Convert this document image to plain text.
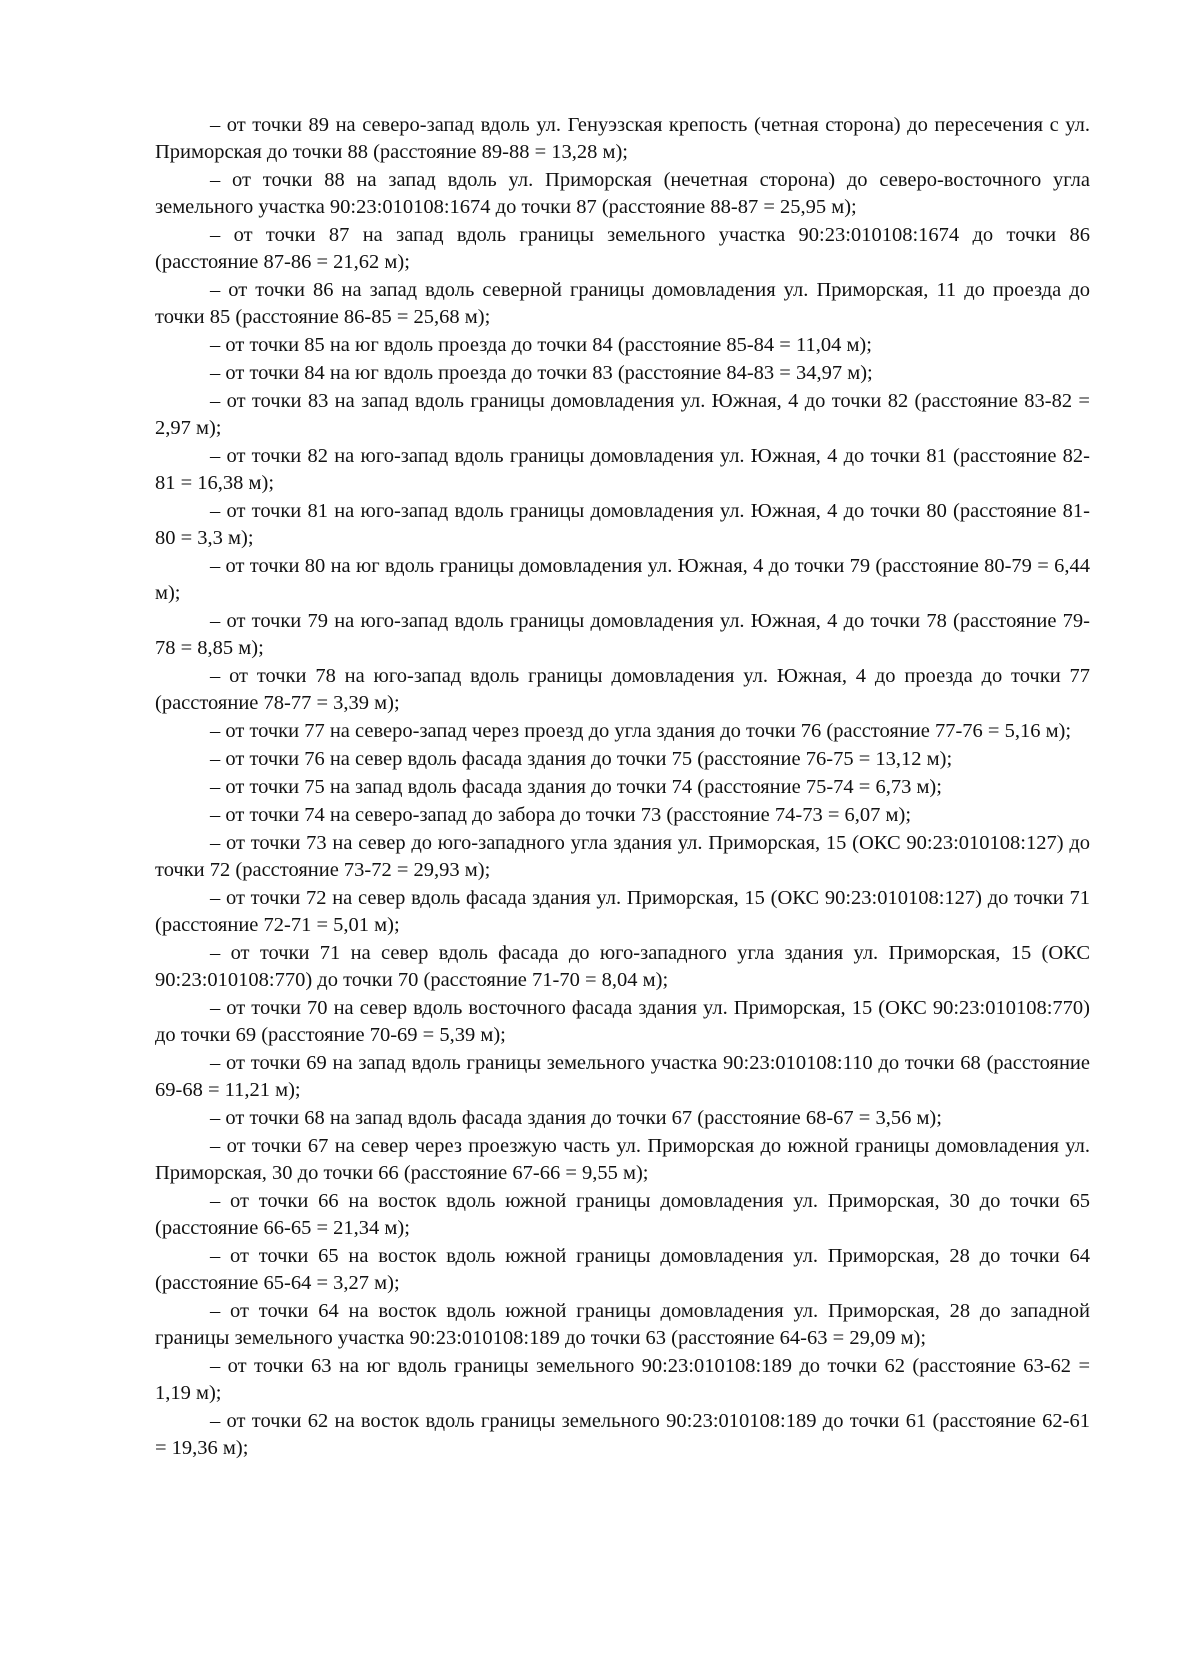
– от точки 89 на северо-запад вдоль ул. Генуэзская крепость (четная сторона) до пересечения с ул. Приморская до точки 88 (расстояние 89-88 = 13,28 м);

– от точки 88 на запад вдоль ул. Приморская (нечетная сторона) до северо-восточного угла земельного участка 90:23:010108:1674 до точки 87 (расстояние 88-87 = 25,95 м);

– от точки 87 на запад вдоль границы земельного участка 90:23:010108:1674 до точки 86 (расстояние 87-86 = 21,62 м);

– от точки 86 на запад вдоль северной границы домовладения ул. Приморская, 11 до проезда до точки 85 (расстояние 86-85 = 25,68 м);

– от точки 85 на юг вдоль проезда до точки 84 (расстояние 85-84 = 11,04 м);

– от точки 84 на юг вдоль проезда до точки 83 (расстояние 84-83 = 34,97 м);

– от точки 83 на запад вдоль границы домовладения ул. Южная, 4 до точки 82 (расстояние 83-82 = 2,97 м);

– от точки 82 на юго-запад вдоль границы домовладения ул. Южная, 4 до точки 81 (расстояние 82-81 = 16,38 м);

– от точки 81 на юго-запад вдоль границы домовладения ул. Южная, 4 до точки 80 (расстояние 81-80 = 3,3 м);

– от точки 80 на юг вдоль границы домовладения ул. Южная, 4 до точки 79 (расстояние 80-79 = 6,44 м);

– от точки 79 на юго-запад вдоль границы домовладения ул. Южная, 4 до точки 78 (расстояние 79-78 = 8,85 м);

– от точки 78 на юго-запад вдоль границы домовладения ул. Южная, 4 до проезда до точки 77 (расстояние 78-77 = 3,39 м);

– от точки 77 на северо-запад через проезд до угла здания до точки 76 (расстояние 77-76 = 5,16 м);

– от точки 76 на север вдоль фасада здания до точки 75 (расстояние 76-75 = 13,12 м);

– от точки 75 на запад вдоль фасада здания до точки 74 (расстояние 75-74 = 6,73 м);

– от точки 74 на северо-запад до забора до точки 73 (расстояние 74-73 = 6,07 м);

– от точки 73 на север до юго-западного угла здания ул. Приморская, 15 (ОКС 90:23:010108:127) до точки 72 (расстояние 73-72 = 29,93 м);

– от точки 72 на север вдоль фасада здания ул. Приморская, 15 (ОКС 90:23:010108:127) до точки 71 (расстояние 72-71 = 5,01 м);

– от точки 71 на север вдоль фасада до юго-западного угла здания ул. Приморская, 15 (ОКС 90:23:010108:770) до точки 70 (расстояние 71-70 = 8,04 м);

– от точки 70 на север вдоль восточного фасада здания ул. Приморская, 15 (ОКС 90:23:010108:770) до точки 69 (расстояние 70-69 = 5,39 м);

– от точки 69 на запад вдоль границы земельного участка 90:23:010108:110 до точки 68 (расстояние 69-68 = 11,21 м);

– от точки 68 на запад вдоль фасада здания до точки 67 (расстояние 68-67 = 3,56 м);

– от точки 67 на север через проезжую часть ул. Приморская до южной границы домовладения ул. Приморская, 30 до точки 66 (расстояние 67-66 = 9,55 м);

– от точки 66 на восток вдоль южной границы домовладения ул. Приморская, 30 до точки 65 (расстояние 66-65 = 21,34 м);

– от точки 65 на восток вдоль южной границы домовладения ул. Приморская, 28 до точки 64 (расстояние 65-64 = 3,27 м);

– от точки 64 на восток вдоль южной границы домовладения ул. Приморская, 28 до западной границы земельного участка 90:23:010108:189 до точки 63 (расстояние 64-63 = 29,09 м);

– от точки 63 на юг вдоль границы земельного 90:23:010108:189 до точки 62 (расстояние 63-62 = 1,19 м);

– от точки 62 на восток вдоль границы земельного 90:23:010108:189 до точки 61 (расстояние 62-61 = 19,36 м);
